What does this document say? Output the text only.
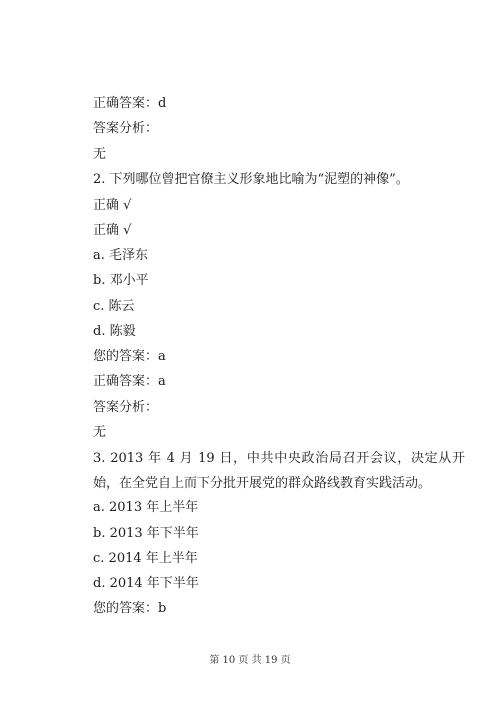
正确答案：d
答案分析：
无
2. 下列哪位曾把官僚主义形象地比喻为“泥塑的神像”。
正确 √
正确 √
a. 毛泽东
b. 邓小平
c. 陈云
d. 陈毅
您的答案：a
正确答案：a
答案分析：
无
3. 2013 年 4 月 19 日，中共中央政治局召开会议，决定从开始，在全党自上而下分批开展党的群众路线教育实践活动。
a. 2013 年上半年
b. 2013 年下半年
c. 2014 年上半年
d. 2014 年下半年
您的答案：b
第 10 页 共 19 页
